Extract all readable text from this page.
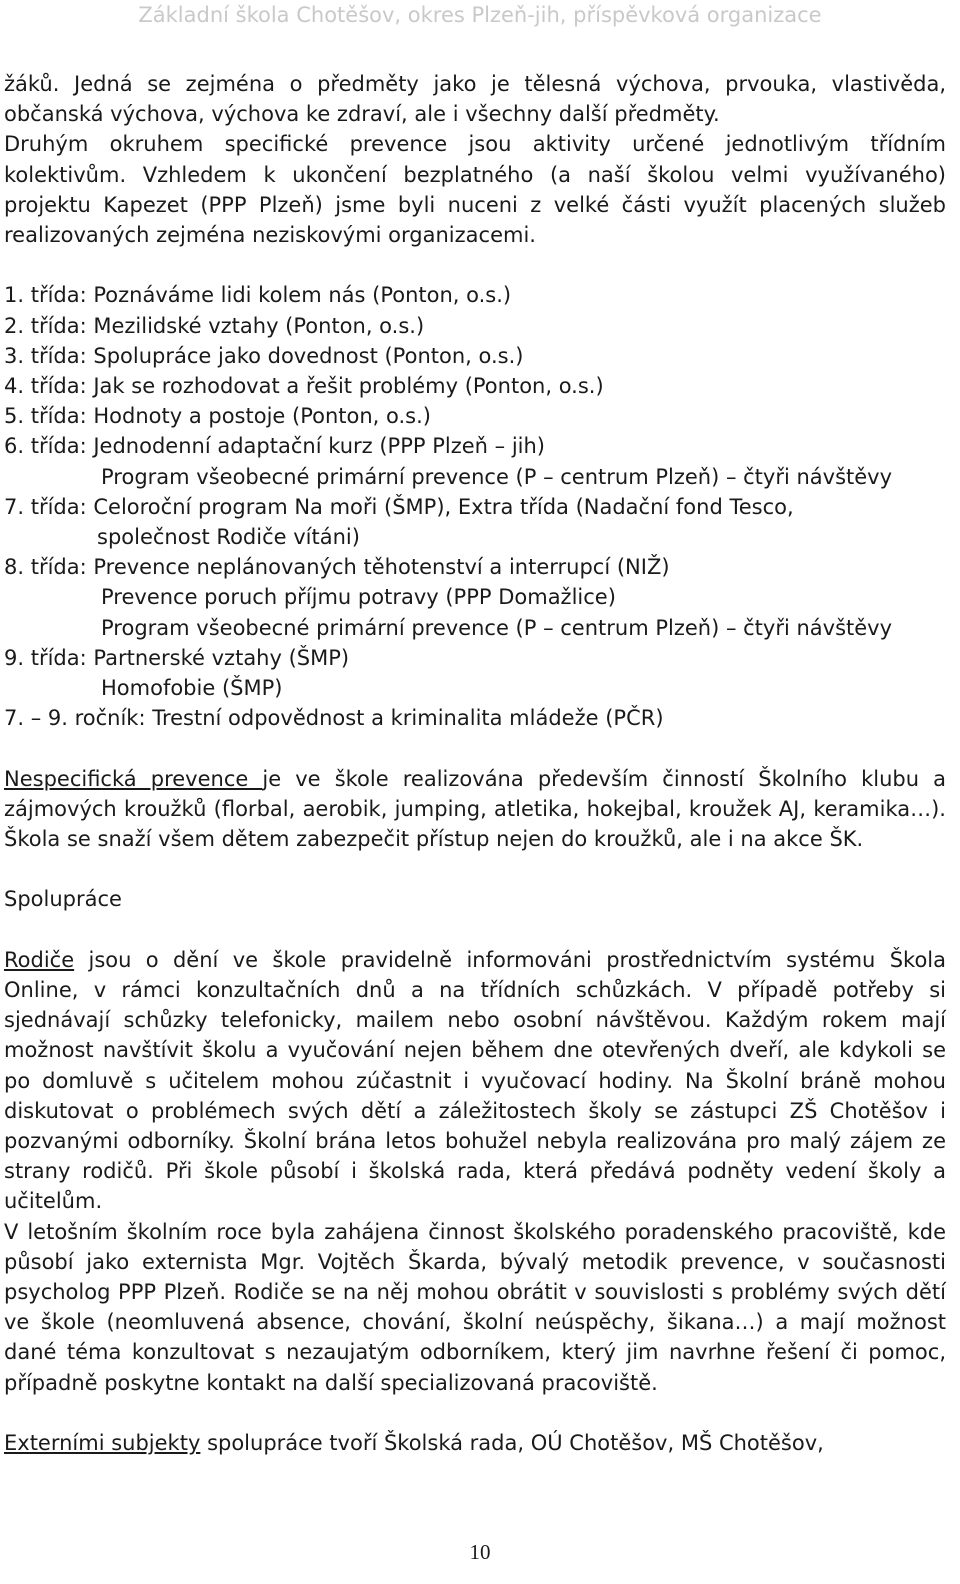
Základní škola Chotěšov, okres Plzeň-jih, příspěvková organizace

žáků. Jedná se zejména o předměty jako je tělesná výchova, prvouka, vlastivěda, občanská výchova, výchova ke zdraví, ale i všechny další předměty.

Druhým okruhem specifické prevence jsou aktivity určené jednotlivým třídním kolektivům. Vzhledem k ukončení bezplatného (a naší školou velmi využívaného) projektu Kapezet (PPP Plzeň) jsme byli nuceni z velké části využít placených služeb realizovaných zejména neziskovými organizacemi.

1. třída: Poznáváme lidi kolem nás (Ponton, o.s.)

2. třída: Mezilidské vztahy (Ponton, o.s.)

3. třída: Spolupráce jako dovednost (Ponton, o.s.)

4. třída: Jak se rozhodovat a řešit problémy (Ponton, o.s.)

5. třída: Hodnoty a postoje (Ponton, o.s.)

6. třída: Jednodenní adaptační kurz (PPP Plzeň – jih)

Program všeobecné primární prevence (P – centrum Plzeň) – čtyři návštěvy

7. třída: Celoroční program Na moři (ŠMP), Extra třída (Nadační fond Tesco,

společnost Rodiče vítáni)

8. třída: Prevence neplánovaných těhotenství a interrupcí (NIŽ)

Prevence poruch příjmu potravy (PPP Domažlice)

Program všeobecné primární prevence (P – centrum Plzeň) – čtyři návštěvy

9. třída: Partnerské vztahy (ŠMP)

Homofobie (ŠMP)

7. – 9. ročník: Trestní odpovědnost a kriminalita mládeže (PČR)

Nespecifická prevence je ve škole realizována především činností Školního klubu a zájmových kroužků (florbal, aerobik, jumping, atletika, hokejbal, kroužek AJ, keramika…). Škola se snaží všem dětem zabezpečit přístup nejen do kroužků, ale i na akce ŠK.

Spolupráce

Rodiče jsou o dění ve škole pravidelně informováni prostřednictvím systému Škola Online, v rámci konzultačních dnů a na třídních schůzkách. V případě potřeby si sjednávají schůzky telefonicky, mailem nebo osobní návštěvou. Každým rokem mají možnost navštívit školu a vyučování nejen během dne otevřených dveří, ale kdykoli se po domluvě s učitelem mohou zúčastnit i vyučovací hodiny. Na Školní bráně mohou diskutovat o problémech svých dětí a záležitostech školy se zástupci ZŠ Chotěšov i pozvanými odborníky. Školní brána letos bohužel nebyla realizována pro malý zájem ze strany rodičů. Při škole působí i školská rada, která předává podněty vedení školy a učitelům.

V letošním školním roce byla zahájena činnost školského poradenského pracoviště, kde působí jako externista Mgr. Vojtěch Škarda, bývalý metodik prevence, v současnosti psycholog PPP Plzeň. Rodiče se na něj mohou obrátit v souvislosti s problémy svých dětí ve škole (neomluvená absence, chování, školní neúspěchy, šikana…) a mají možnost dané téma konzultovat s nezaujatým odborníkem, který jim navrhne řešení či pomoc, případně poskytne kontakt na další specializovaná pracoviště.

Externími subjekty spolupráce tvoří Školská rada, OÚ Chotěšov, MŠ Chotěšov,

10
